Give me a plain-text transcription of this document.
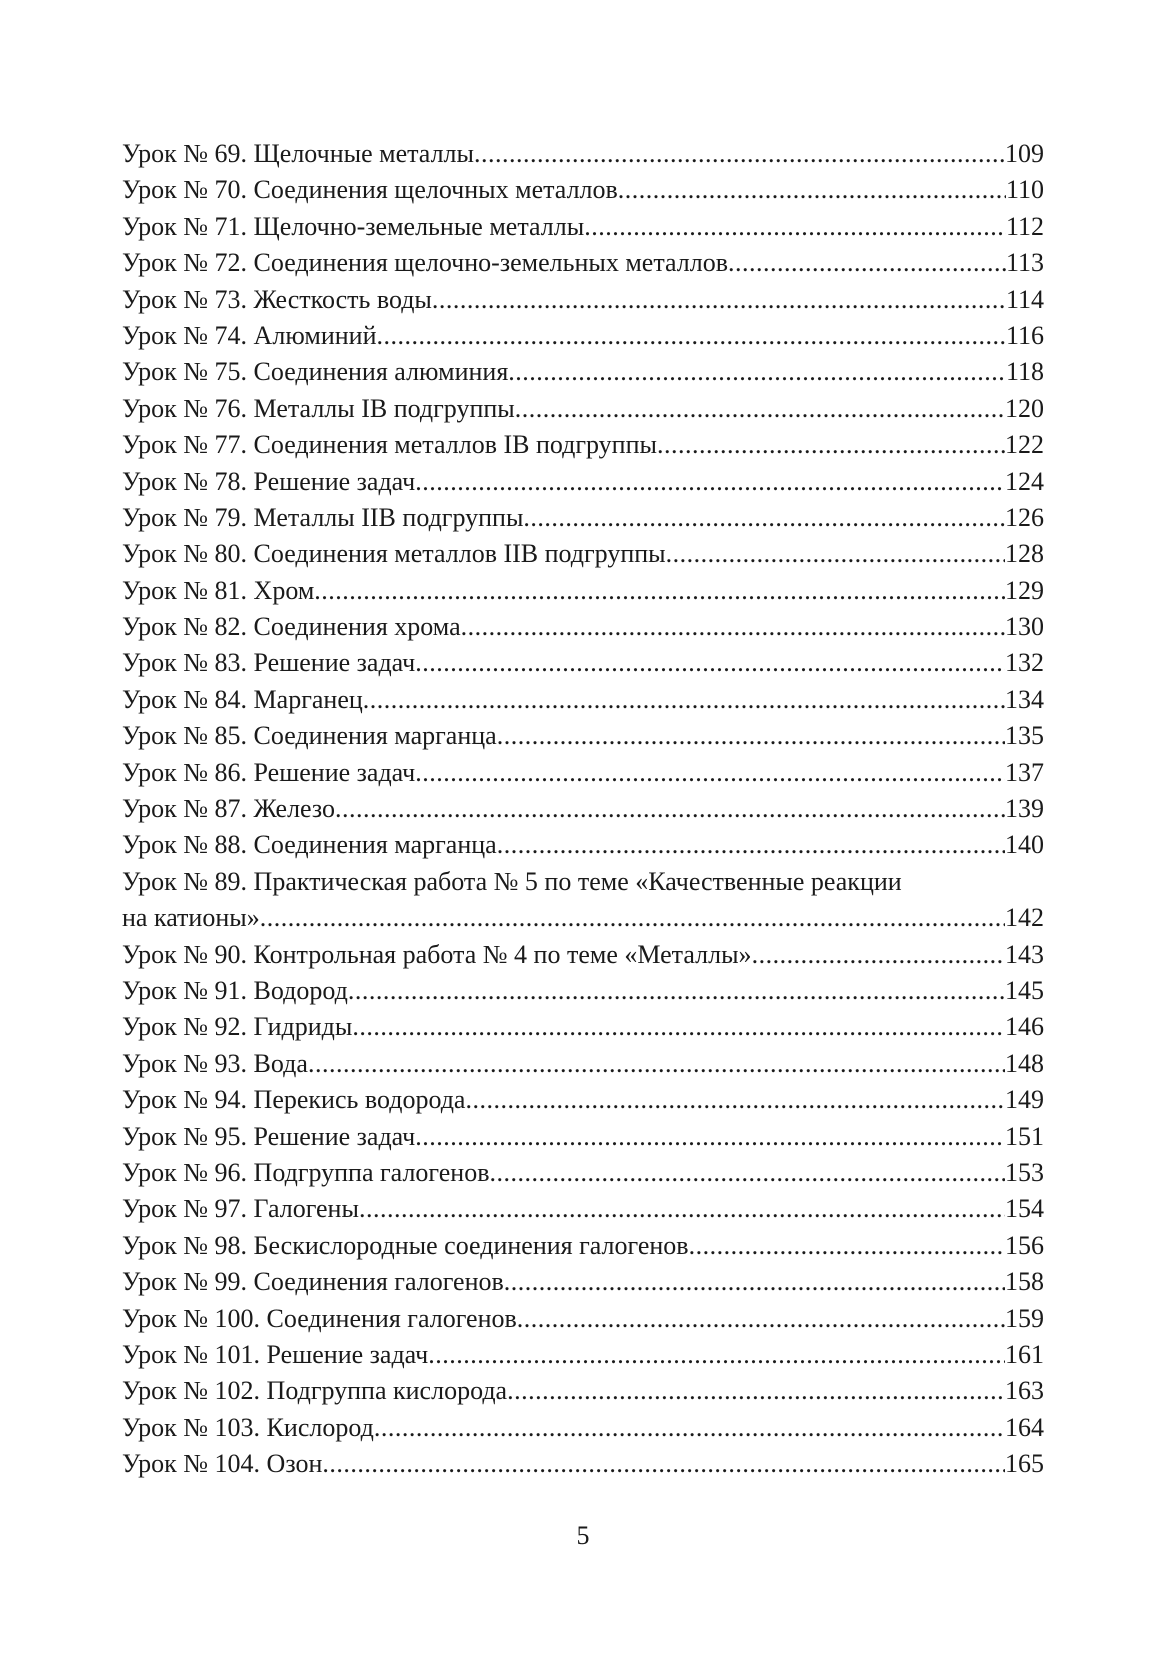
Урок № 69. Щелочные металлы .....	109
Урок № 70. Соединения щелочных металлов .....	110
Урок № 71. Щелочно-земельные металлы .....	112
Урок № 72. Соединения щелочно-земельных металлов .....	113
Урок № 73. Жесткость воды .....	114
Урок № 74. Алюминий .....	116
Урок № 75. Соединения алюминия .....	118
Урок № 76. Металлы IB подгруппы .....	120
Урок № 77. Соединения металлов IB подгруппы .....	122
Урок № 78. Решение задач .....	124
Урок № 79. Металлы IIB подгруппы .....	126
Урок № 80. Соединения металлов IIB подгруппы .....	128
Урок № 81. Хром .....	129
Урок № 82. Соединения хрома .....	130
Урок № 83. Решение задач .....	132
Урок № 84. Марганец .....	134
Урок № 85. Соединения марганца .....	135
Урок № 86. Решение задач .....	137
Урок № 87. Железо .....	139
Урок № 88. Соединения марганца .....	140
Урок № 89. Практическая работа № 5 по теме «Качественные реакции
на катионы» .....	142
Урок № 90. Контрольная работа № 4 по теме «Металлы» .....	143
Урок № 91. Водород .....	145
Урок № 92. Гидриды .....	146
Урок № 93. Вода .....	148
Урок № 94. Перекись водорода .....	149
Урок № 95. Решение задач .....	151
Урок № 96. Подгруппа галогенов .....	153
Урок № 97. Галогены .....	154
Урок № 98. Бескислородные соединения галогенов .....	156
Урок № 99. Соединения галогенов .....	158
Урок № 100. Соединения галогенов .....	159
Урок № 101. Решение задач .....	161
Урок № 102. Подгруппа кислорода .....	163
Урок № 103. Кислород .....	164
Урок № 104. Озон .....	165
5
